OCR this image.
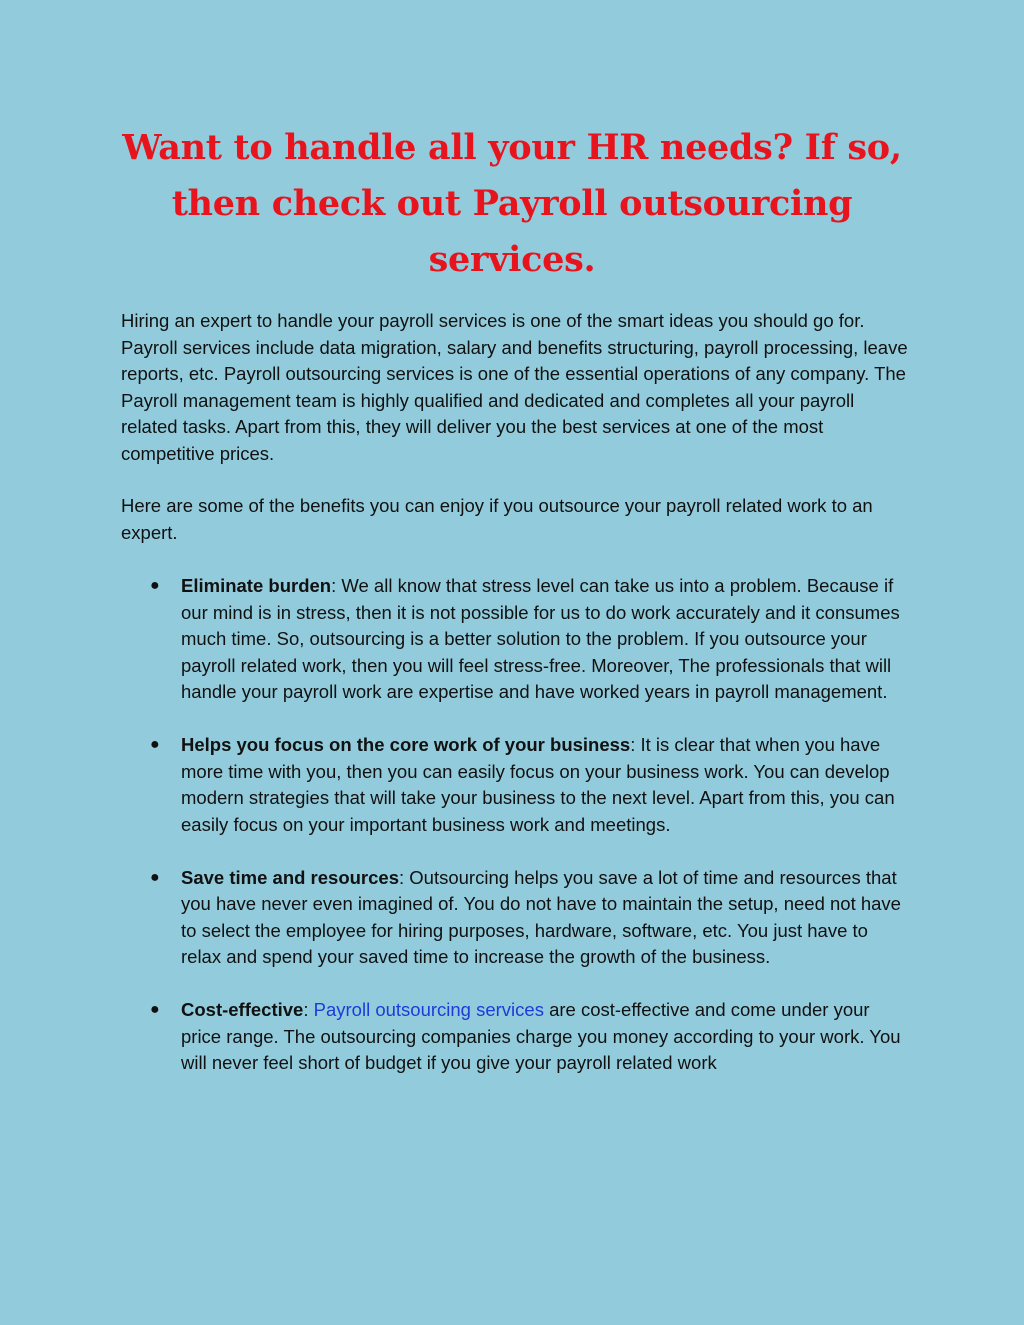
Want to handle all your HR needs? If so, then check out Payroll outsourcing services.

Hiring an expert to handle your payroll services is one of the smart ideas you should go for. Payroll services include data migration, salary and benefits structuring, payroll processing, leave reports, etc. Payroll outsourcing services is one of the essential operations of any company. The Payroll management team is highly qualified and dedicated and completes all your payroll related tasks. Apart from this, they will deliver you the best services at one of the most competitive prices.

Here are some of the benefits you can enjoy if you outsource your payroll related work to an expert.

● Eliminate burden: We all know that stress level can take us into a problem. Because if our mind is in stress, then it is not possible for us to do work accurately and it consumes much time. So, outsourcing is a better solution to the problem. If you outsource your payroll related work, then you will feel stress-free. Moreover, The professionals that will handle your payroll work are expertise and have worked years in payroll management.
● Helps you focus on the core work of your business: It is clear that when you have more time with you, then you can easily focus on your business work. You can develop modern strategies that will take your business to the next level. Apart from this, you can easily focus on your important business work and meetings.
● Save time and resources: Outsourcing helps you save a lot of time and resources that you have never even imagined of. You do not have to maintain the setup, need not have to select the employee for hiring purposes, hardware, software, etc. You just have to relax and spend your saved time to increase the growth of the business.
● Cost-effective: Payroll outsourcing services are cost-effective and come under your price range. The outsourcing companies charge you money according to your work. You will never feel short of budget if you give your payroll related work
